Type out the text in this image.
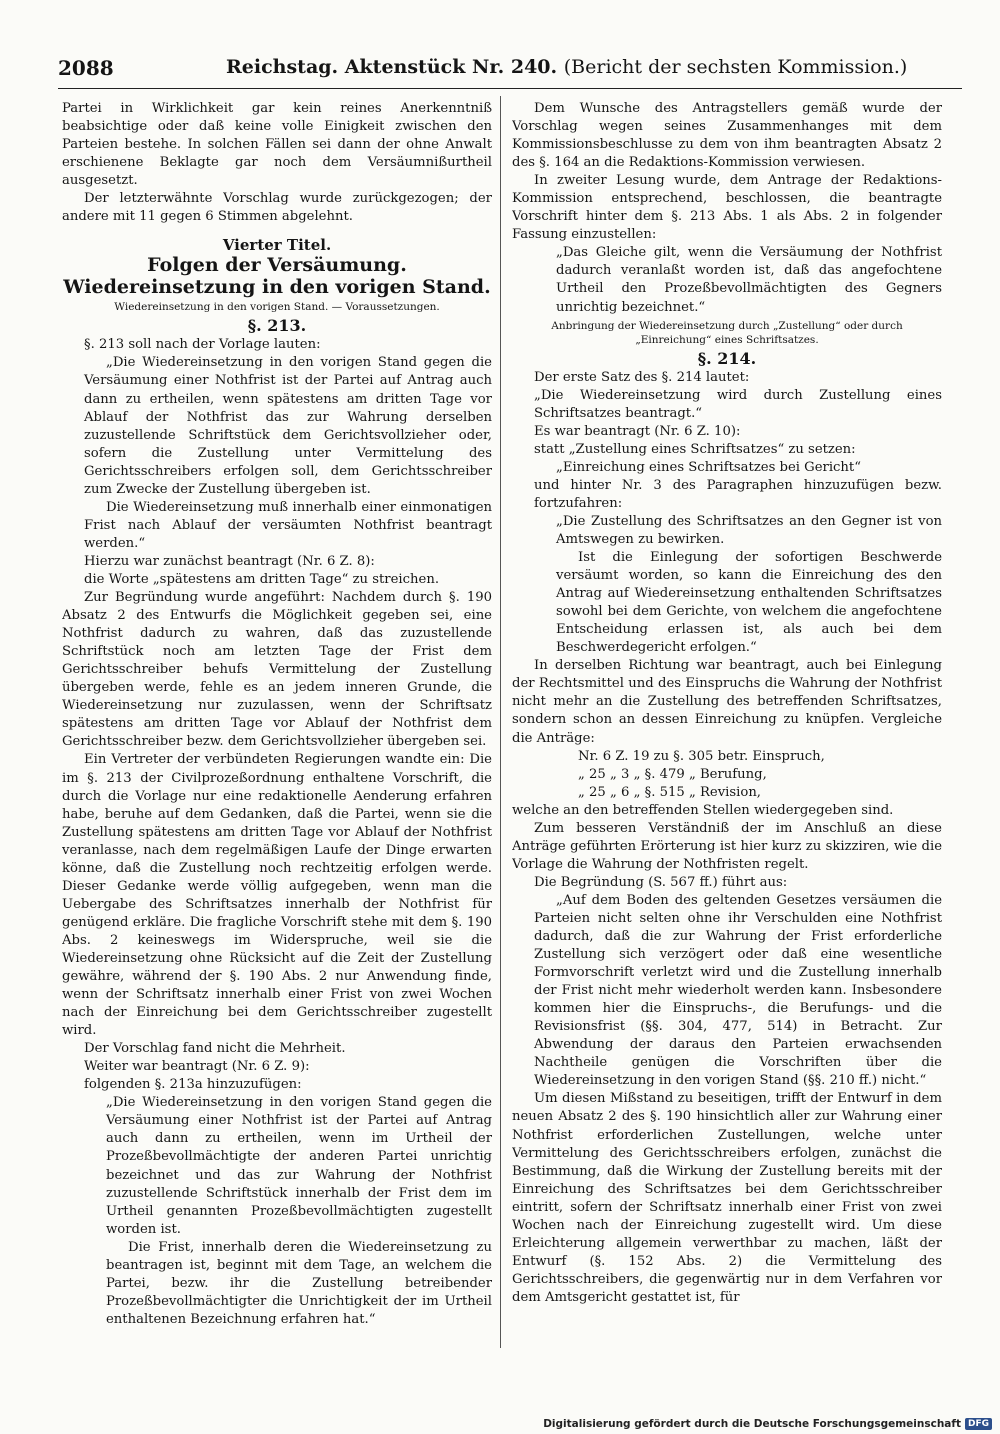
2088	Reichstag. Aktenstück Nr. 240. (Bericht der sechsten Kommission.)

Partei in Wirklichkeit gar kein reines Anerkenntniß beabsichtige oder daß keine volle Einigkeit zwischen den Parteien bestehe. In solchen Fällen sei dann der ohne Anwalt erschienene Beklagte gar noch dem Versäumnißurtheil ausgesetzt.

Der letzterwähnte Vorschlag wurde zurückgezogen; der andere mit 11 gegen 6 Stimmen abgelehnt.

Vierter Titel.

Folgen der Versäumung. Wiedereinsetzung in den vorigen Stand.

Wiedereinsetzung in den vorigen Stand. — Voraussetzungen.

§. 213.

§. 213 soll nach der Vorlage lauten:

„Die Wiedereinsetzung in den vorigen Stand gegen die Versäumung einer Nothfrist ist der Partei auf Antrag auch dann zu ertheilen, wenn spätestens am dritten Tage vor Ablauf der Nothfrist das zur Wahrung derselben zuzustellende Schriftstück dem Gerichtsvollzieher oder, sofern die Zustellung unter Vermittelung des Gerichtsschreibers erfolgen soll, dem Gerichtsschreiber zum Zwecke der Zustellung übergeben ist.

Die Wiedereinsetzung muß innerhalb einer einmonatigen Frist nach Ablauf der versäumten Nothfrist beantragt werden.“

Hierzu war zunächst beantragt (Nr. 6 Z. 8):

die Worte „spätestens am dritten Tage“ zu streichen.

Zur Begründung wurde angeführt: Nachdem durch §. 190 Absatz 2 des Entwurfs die Möglichkeit gegeben sei, eine Nothfrist dadurch zu wahren, daß das zuzustellende Schriftstück noch am letzten Tage der Frist dem Gerichtsschreiber behufs Vermittelung der Zustellung übergeben werde, fehle es an jedem inneren Grunde, die Wiedereinsetzung nur zuzulassen, wenn der Schriftsatz spätestens am dritten Tage vor Ablauf der Nothfrist dem Gerichtsschreiber bezw. dem Gerichtsvollzieher übergeben sei.

Ein Vertreter der verbündeten Regierungen wandte ein: Die im §. 213 der Civilprozeßordnung enthaltene Vorschrift, die durch die Vorlage nur eine redaktionelle Aenderung erfahren habe, beruhe auf dem Gedanken, daß die Partei, wenn sie die Zustellung spätestens am dritten Tage vor Ablauf der Nothfrist veranlasse, nach dem regelmäßigen Laufe der Dinge erwarten könne, daß die Zustellung noch rechtzeitig erfolgen werde. Dieser Gedanke werde völlig aufgegeben, wenn man die Uebergabe des Schriftsatzes innerhalb der Nothfrist für genügend erkläre. Die fragliche Vorschrift stehe mit dem §. 190 Abs. 2 keineswegs im Widerspruche, weil sie die Wiedereinsetzung ohne Rücksicht auf die Zeit der Zustellung gewähre, während der §. 190 Abs. 2 nur Anwendung finde, wenn der Schriftsatz innerhalb einer Frist von zwei Wochen nach der Einreichung bei dem Gerichtsschreiber zugestellt wird.

Der Vorschlag fand nicht die Mehrheit.

Weiter war beantragt (Nr. 6 Z. 9):

folgenden §. 213a hinzuzufügen:

„Die Wiedereinsetzung in den vorigen Stand gegen die Versäumung einer Nothfrist ist der Partei auf Antrag auch dann zu ertheilen, wenn im Urtheil der Prozeßbevollmächtigte der anderen Partei unrichtig bezeichnet und das zur Wahrung der Nothfrist zuzustellende Schriftstück innerhalb der Frist dem im Urtheil genannten Prozeßbevollmächtigten zugestellt worden ist.

Die Frist, innerhalb deren die Wiedereinsetzung zu beantragen ist, beginnt mit dem Tage, an welchem die Partei, bezw. ihr die Zustellung betreibender Prozeßbevollmächtigter die Unrichtigkeit der im Urtheil enthaltenen Bezeichnung erfahren hat.“

Dem Wunsche des Antragstellers gemäß wurde der Vorschlag wegen seines Zusammenhanges mit dem Kommissionsbeschlusse zu dem von ihm beantragten Absatz 2 des §. 164 an die Redaktions-Kommission verwiesen.

In zweiter Lesung wurde, dem Antrage der Redaktions-Kommission entsprechend, beschlossen, die beantragte Vorschrift hinter dem §. 213 Abs. 1 als Abs. 2 in folgender Fassung einzustellen:

„Das Gleiche gilt, wenn die Versäumung der Nothfrist dadurch veranlaßt worden ist, daß das angefochtene Urtheil den Prozeßbevollmächtigten des Gegners unrichtig bezeichnet.“

Anbringung der Wiedereinsetzung durch „Zustellung“ oder durch „Einreichung“ eines Schriftsatzes.

§. 214.

Der erste Satz des §. 214 lautet:

„Die Wiedereinsetzung wird durch Zustellung eines Schriftsatzes beantragt.“

Es war beantragt (Nr. 6 Z. 10):

statt „Zustellung eines Schriftsatzes“ zu setzen:

„Einreichung eines Schriftsatzes bei Gericht“

und hinter Nr. 3 des Paragraphen hinzuzufügen bezw. fortzufahren:

„Die Zustellung des Schriftsatzes an den Gegner ist von Amtswegen zu bewirken.

Ist die Einlegung der sofortigen Beschwerde versäumt worden, so kann die Einreichung des den Antrag auf Wiedereinsetzung enthaltenden Schriftsatzes sowohl bei dem Gerichte, von welchem die angefochtene Entscheidung erlassen ist, als auch bei dem Beschwerdegericht erfolgen.“

In derselben Richtung war beantragt, auch bei Einlegung der Rechtsmittel und des Einspruchs die Wahrung der Nothfrist nicht mehr an die Zustellung des betreffenden Schriftsatzes, sondern schon an dessen Einreichung zu knüpfen. Vergleiche die Anträge:

Nr. 6 Z. 19 zu §. 305 betr. Einspruch,

„ 25 „ 3 „ §. 479 „ Berufung,

„ 25 „ 6 „ §. 515 „ Revision,

welche an den betreffenden Stellen wiedergegeben sind.

Zum besseren Verständniß der im Anschluß an diese Anträge geführten Erörterung ist hier kurz zu skizziren, wie die Vorlage die Wahrung der Nothfristen regelt.

Die Begründung (S. 567 ff.) führt aus:

„Auf dem Boden des geltenden Gesetzes versäumen die Parteien nicht selten ohne ihr Verschulden eine Nothfrist dadurch, daß die zur Wahrung der Frist erforderliche Zustellung sich verzögert oder daß eine wesentliche Formvorschrift verletzt wird und die Zustellung innerhalb der Frist nicht mehr wiederholt werden kann. Insbesondere kommen hier die Einspruchs-, die Berufungs- und die Revisionsfrist (§§. 304, 477, 514) in Betracht. Zur Abwendung der daraus den Parteien erwachsenden Nachtheile genügen die Vorschriften über die Wiedereinsetzung in den vorigen Stand (§§. 210 ff.) nicht.“

Um diesen Mißstand zu beseitigen, trifft der Entwurf in dem neuen Absatz 2 des §. 190 hinsichtlich aller zur Wahrung einer Nothfrist erforderlichen Zustellungen, welche unter Vermittelung des Gerichtsschreibers erfolgen, zunächst die Bestimmung, daß die Wirkung der Zustellung bereits mit der Einreichung des Schriftsatzes bei dem Gerichtsschreiber eintritt, sofern der Schriftsatz innerhalb einer Frist von zwei Wochen nach der Einreichung zugestellt wird. Um diese Erleichterung allgemein verwerthbar zu machen, läßt der Entwurf (§. 152 Abs. 2) die Vermittelung des Gerichtsschreibers, die gegenwärtig nur in dem Verfahren vor dem Amtsgericht gestattet ist, für

Digitalisierung gefördert durch die Deutsche Forschungsgemeinschaft DFG
